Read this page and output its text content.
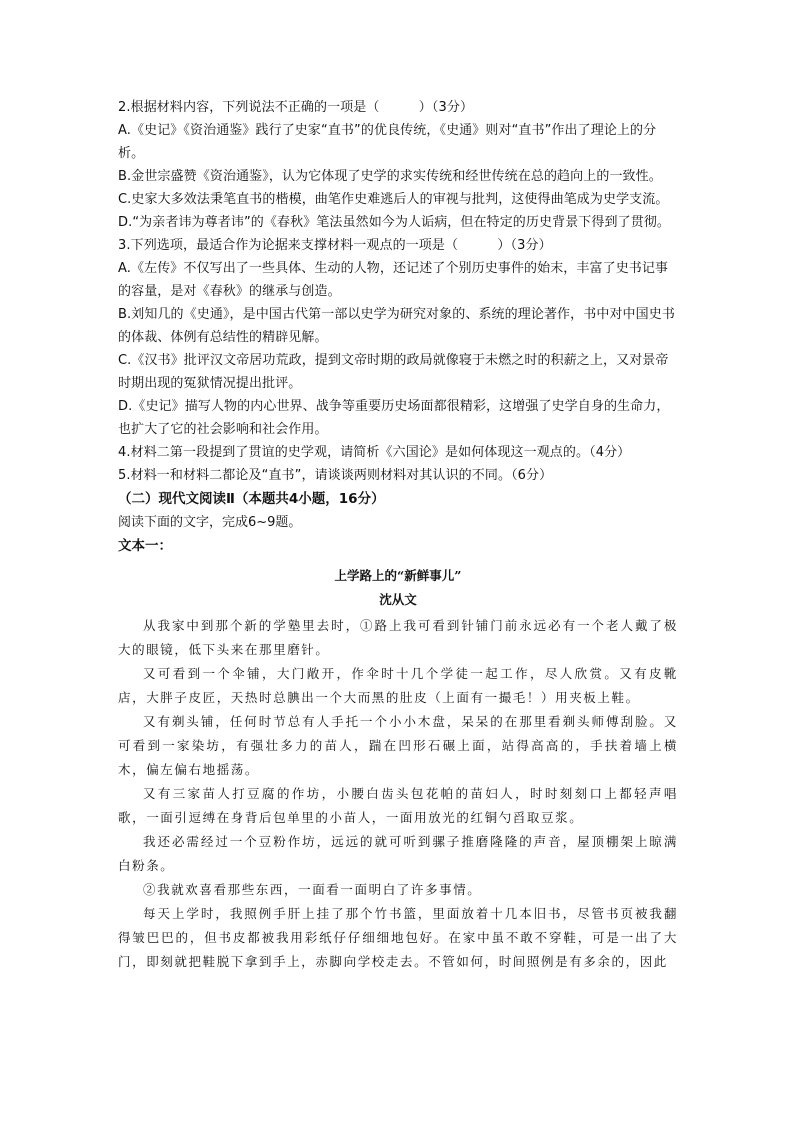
2.根据材料内容，下列说法不正确的一项是（　　　）（3分）

A.《史记》《资治通鉴》践行了史家“直书”的优良传统，《史通》则对“直书”作出了理论上的分析。

B.金世宗盛赞《资治通鉴》，认为它体现了史学的求实传统和经世传统在总的趋向上的一致性。

C.史家大多效法秉笔直书的楷模，曲笔作史难逃后人的审视与批判，这使得曲笔成为史学支流。

D.“为亲者讳为尊者讳”的《春秋》笔法虽然如今为人诟病，但在特定的历史背景下得到了贯彻。

3.下列选项，最适合作为论据来支撑材料一观点的一项是（　　　）（3分）

A.《左传》不仅写出了一些具体、生动的人物，还记述了个别历史事件的始末，丰富了史书记事的容量，是对《春秋》的继承与创造。

B.刘知几的《史通》，是中国古代第一部以史学为研究对象的、系统的理论著作，书中对中国史书的体裁、体例有总结性的精辟见解。

C.《汉书》批评汉文帝居功荒政，提到文帝时期的政局就像寝于未燃之时的积薪之上，又对景帝时期出现的冤狱情况提出批评。

D.《史记》描写人物的内心世界、战争等重要历史场面都很精彩，这增强了史学自身的生命力，也扩大了它的社会影响和社会作用。

4.材料二第一段提到了贯谊的史学观，请简析《六国论》是如何体现这一观点的。（4分）

5.材料一和材料二都论及“直书”，请谈谈两则材料对其认识的不同。（6分）

（二）现代文阅读Ⅱ（本题共4小题，16分）

阅读下面的文字，完成6~9题。

文本一：

上学路上的“新鲜事儿”

沈从文

从我家中到那个新的学塾里去时，①路上我可看到针铺门前永远必有一个老人戴了极大的眼镜，低下头来在那里磨针。

又可看到一个伞铺，大门敞开，作伞时十几个学徒一起工作，尽人欣赏。又有皮靴店，大胖子皮匠，天热时总腆出一个大而黑的肚皮（上面有一撮毛！）用夹板上鞋。

又有剃头铺，任何时节总有人手托一个小小木盘，呆呆的在那里看剃头师傅刮脸。又可看到一家染坊，有强壮多力的苗人，踹在凹形石碾上面，站得高高的，手扶着墙上横木，偏左偏右地摇荡。

又有三家苗人打豆腐的作坊，小腰白齿头包花帕的苗妇人，时时刻刻口上都轻声唱歌，一面引逗缚在身背后包单里的小苗人，一面用放光的红铜勺舀取豆浆。

我还必需经过一个豆粉作坊，远远的就可听到骡子推磨隆隆的声音，屋顶棚架上晾满白粉条。

②我就欢喜看那些东西，一面看一面明白了许多事情。

每天上学时，我照例手肝上挂了那个竹书篮，里面放着十几本旧书，尽管书页被我翻得皱巴巴的，但书皮都被我用彩纸仔仔细细地包好。在家中虽不敢不穿鞋，可是一出了大门，即刻就把鞋脱下拿到手上，赤脚向学校走去。不管如何，时间照例是有多余的，因此
